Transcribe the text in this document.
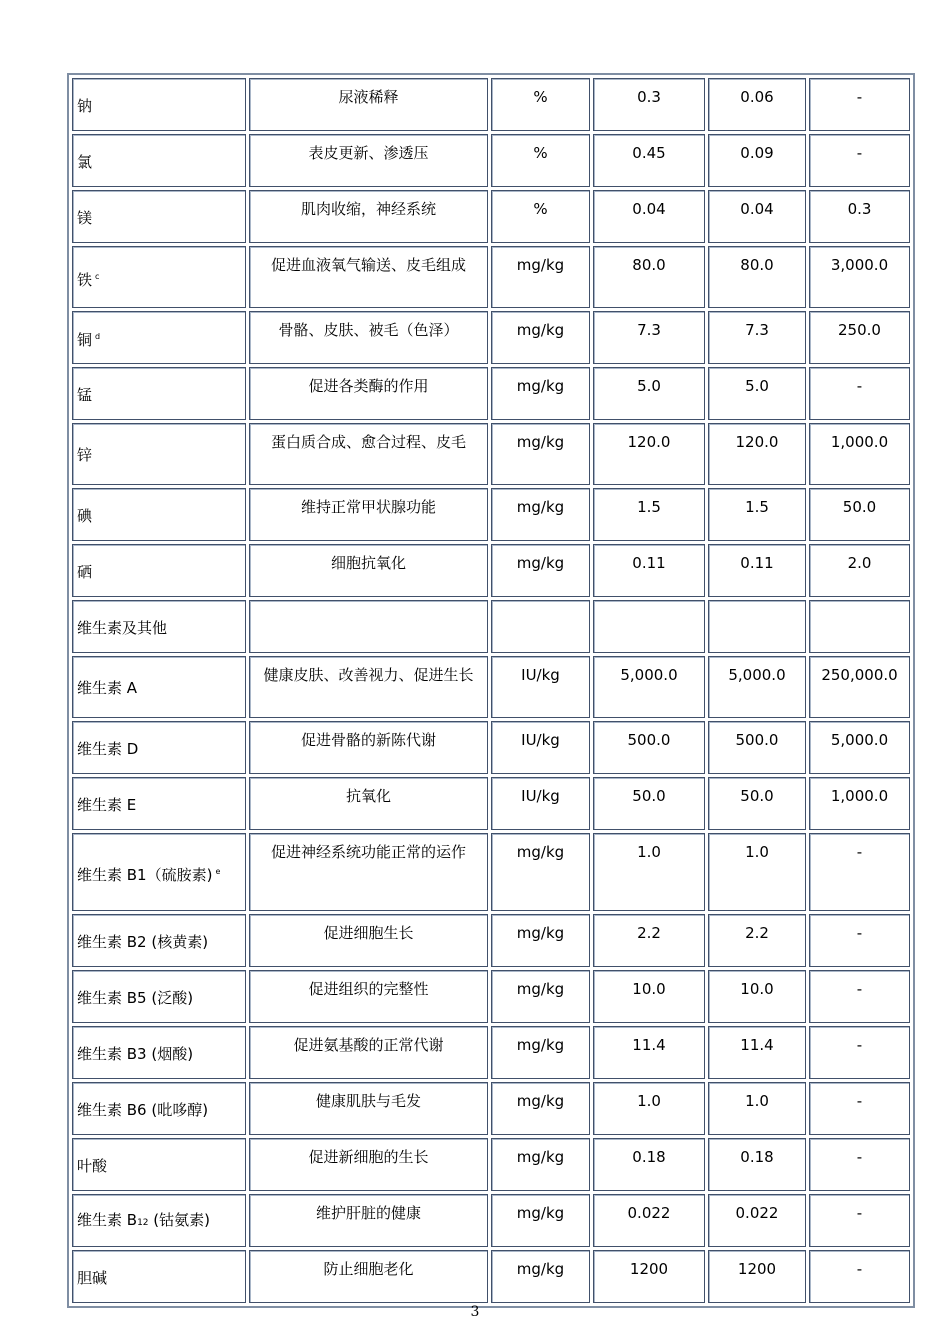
钠	尿液稀释	%	0.3	0.06	-
氯	表皮更新、渗透压	%	0.45	0.09	-
镁	肌肉收缩，神经系统	%	0.04	0.04	0.3
铁 $^c$	促进血液氧气输送、皮毛组成	mg/kg	80.0	80.0	3,000.0
铜 $^d$	骨骼、皮肤、被毛（色泽）	mg/kg	7.3	7.3	250.0
锰	促进各类酶的作用	mg/kg	5.0	5.0	-
锌	蛋白质合成、愈合过程、皮毛	mg/kg	120.0	120.0	1,000.0
碘	维持正常甲状腺功能	mg/kg	1.5	1.5	50.0
硒	细胞抗氧化	mg/kg	0.11	0.11	2.0
维生素及其他					
维生素 A	健康皮肤、改善视力、促进生长	IU/kg	5,000.0	5,000.0	250,000.0
维生素 D	促进骨骼的新陈代谢	IU/kg	500.0	500.0	5,000.0
维生素 E	抗氧化	IU/kg	50.0	50.0	1,000.0
维生素 B1（硫胺素) $^e$	促进神经系统功能正常的运作	mg/kg	1.0	1.0	-
维生素 B2 (核黄素)	促进细胞生长	mg/kg	2.2	2.2	-
维生素 B5 (泛酸)	促进组织的完整性	mg/kg	10.0	10.0	-
维生素 B3 (烟酸)	促进氨基酸的正常代谢	mg/kg	11.4	11.4	-
维生素 B6 (吡哆醇)	健康肌肤与毛发	mg/kg	1.0	1.0	-
叶酸	促进新细胞的生长	mg/kg	0.18	0.18	-
维生素 B12 (钴氨素)	维护肝脏的健康	mg/kg	0.022	0.022	-
胆碱	防止细胞老化	mg/kg	1200	1200	-
3
